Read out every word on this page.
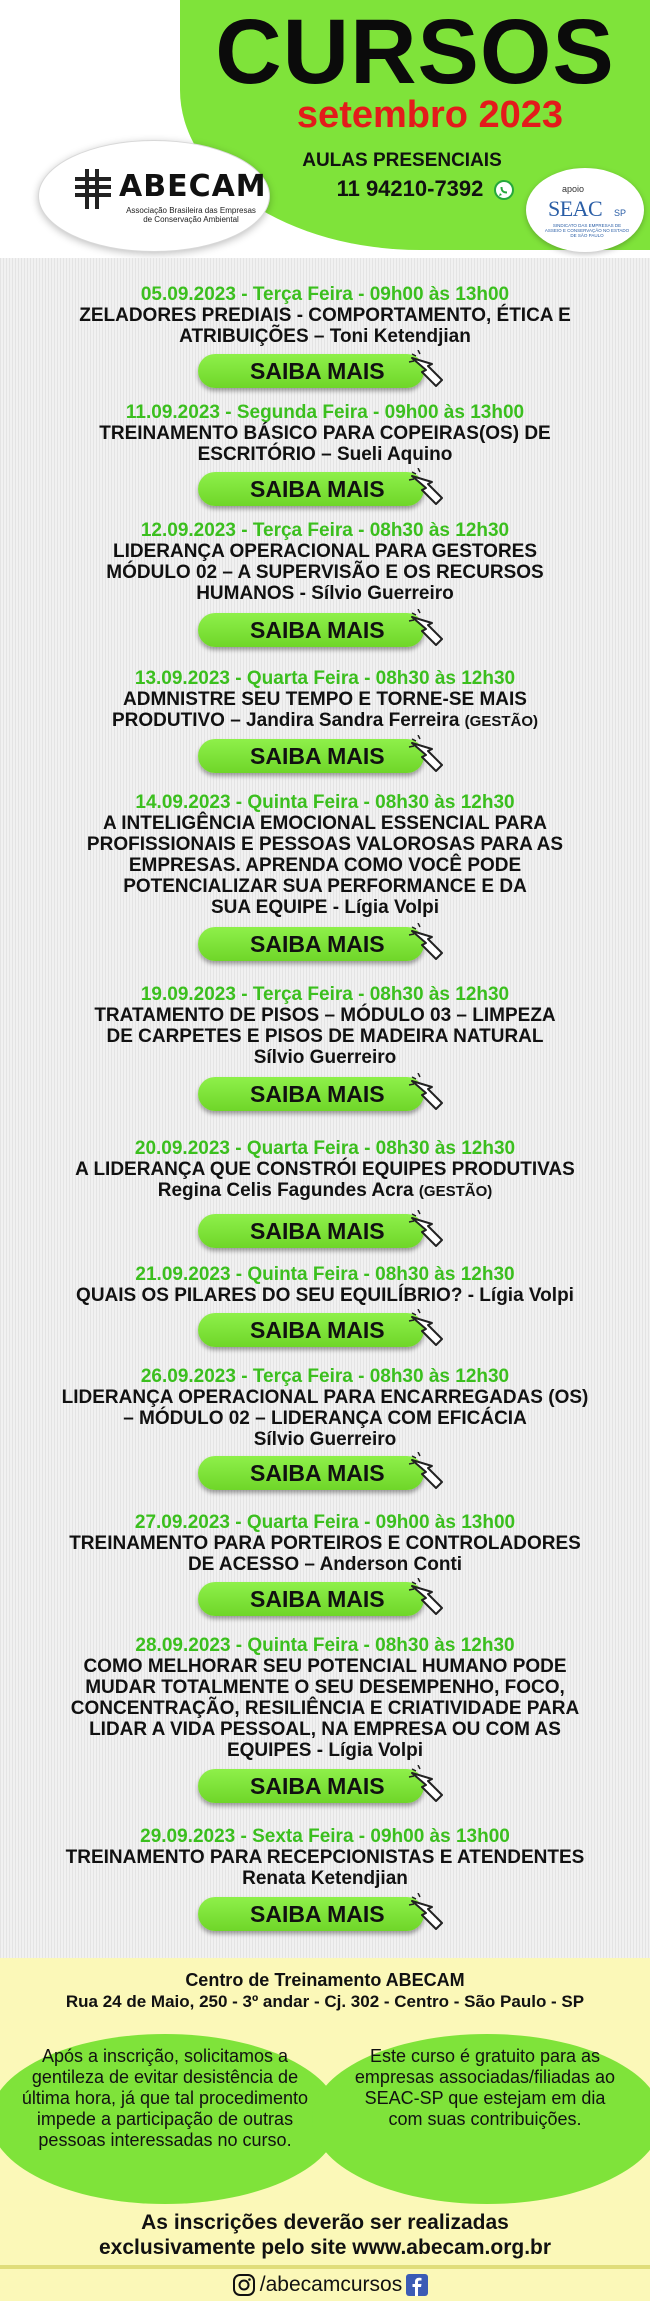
CURSOS
setembro 2023
ABECAM
Associação Brasileira das Empresas de Conservação Ambiental
AULAS PRESENCIAIS
11 94210-7392	apoio
SEAC SP
SINDICATO DAS EMPRESAS DE ASSEIO E CONSERVAÇÃO NO ESTADO DE SÃO PAULO
05.09.2023 - Terça Feira - 09h00 às 13h00
ZELADORES PREDIAIS - COMPORTAMENTO, ÉTICA E
ATRIBUIÇÕES – Toni Ketendjian
SAIBA MAIS
11.09.2023 - Segunda Feira - 09h00 às 13h00
TREINAMENTO BÁSICO PARA COPEIRAS(OS) DE
ESCRITÓRIO – Sueli Aquino
SAIBA MAIS
12.09.2023 - Terça Feira - 08h30 às 12h30
LIDERANÇA OPERACIONAL PARA GESTORES
MÓDULO 02 – A SUPERVISÃO E OS RECURSOS
HUMANOS - Sílvio Guerreiro
SAIBA MAIS
13.09.2023 - Quarta Feira - 08h30 às 12h30
ADMNISTRE SEU TEMPO E TORNE-SE MAIS
PRODUTIVO – Jandira Sandra Ferreira (GESTÃO)
SAIBA MAIS
14.09.2023 - Quinta Feira - 08h30 às 12h30
A INTELIGÊNCIA EMOCIONAL ESSENCIAL PARA
PROFISSIONAIS E PESSOAS VALOROSAS PARA AS
EMPRESAS. APRENDA COMO VOCÊ PODE
POTENCIALIZAR SUA PERFORMANCE E DA
SUA EQUIPE - Lígia Volpi
SAIBA MAIS
19.09.2023 - Terça Feira - 08h30 às 12h30
TRATAMENTO DE PISOS – MÓDULO 03 – LIMPEZA
DE CARPETES E PISOS DE MADEIRA NATURAL
Sílvio Guerreiro
SAIBA MAIS
20.09.2023 - Quarta Feira - 08h30 às 12h30
A LIDERANÇA QUE CONSTRÓI EQUIPES PRODUTIVAS
Regina Celis Fagundes Acra (GESTÃO)
SAIBA MAIS
21.09.2023 - Quinta Feira - 08h30 às 12h30
QUAIS OS PILARES DO SEU EQUILÍBRIO? - Lígia Volpi
SAIBA MAIS
26.09.2023 - Terça Feira - 08h30 às 12h30
LIDERANÇA OPERACIONAL PARA ENCARREGADAS (OS)
– MÓDULO 02 – LIDERANÇA COM EFICÁCIA
Sílvio Guerreiro
SAIBA MAIS
27.09.2023 - Quarta Feira - 09h00 às 13h00
TREINAMENTO PARA PORTEIROS E CONTROLADORES
DE ACESSO – Anderson Conti
SAIBA MAIS
28.09.2023 - Quinta Feira - 08h30 às 12h30
COMO MELHORAR SEU POTENCIAL HUMANO PODE
MUDAR TOTALMENTE O SEU DESEMPENHO, FOCO,
CONCENTRAÇÃO, RESILIÊNCIA E CRIATIVIDADE PARA
LIDAR A VIDA PESSOAL, NA EMPRESA OU COM AS
EQUIPES - Lígia Volpi
SAIBA MAIS
29.09.2023 - Sexta Feira - 09h00 às 13h00
TREINAMENTO PARA RECEPCIONISTAS E ATENDENTES
Renata Ketendjian
SAIBA MAIS
Centro de Treinamento ABECAM
Rua 24 de Maio, 250 - 3º andar - Cj. 302 - Centro - São Paulo - SP
Após a inscrição, solicitamos a gentileza de evitar desistência de última hora, já que tal procedimento impede a participação de outras pessoas interessadas no curso.
Este curso é gratuito para as empresas associadas/filiadas ao SEAC-SP que estejam em dia com suas contribuições.
As inscrições deverão ser realizadas
exclusivamente pelo site www.abecam.org.br
/abecamcursos
